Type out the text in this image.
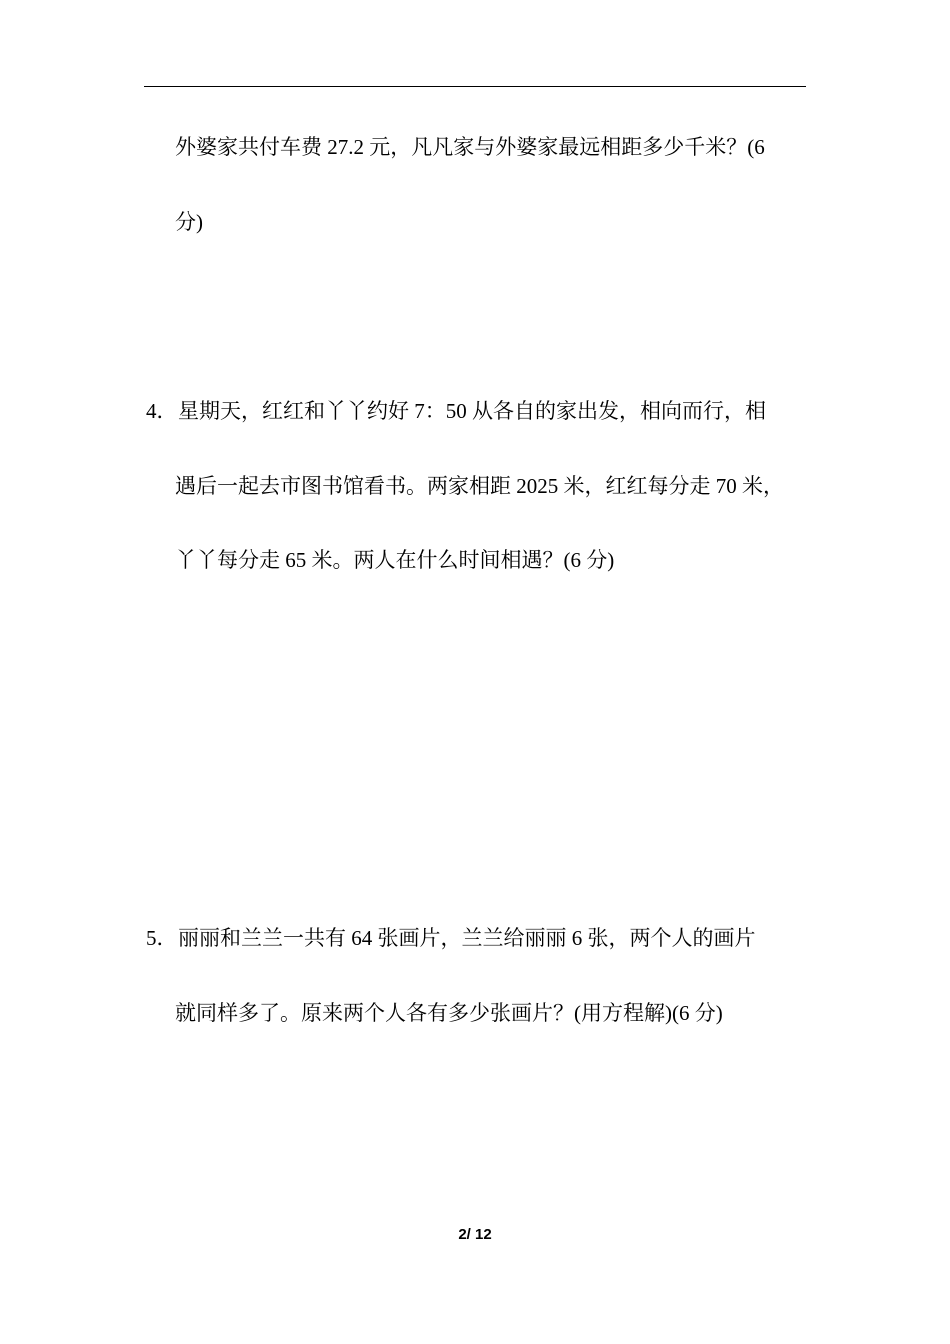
外婆家共付车费 27.2 元，凡凡家与外婆家最远相距多少千米？(6
分)
4． 星期天，红红和丫丫约好 7：50 从各自的家出发，相向而行，相
遇后一起去市图书馆看书。两家相距 2025 米，红红每分走 70 米，
丫丫每分走 65 米。两人在什么时间相遇？(6 分)
5． 丽丽和兰兰一共有 64 张画片，兰兰给丽丽 6 张，两个人的画片
就同样多了。原来两个人各有多少张画片？(用方程解)(6 分)
2/ 12
